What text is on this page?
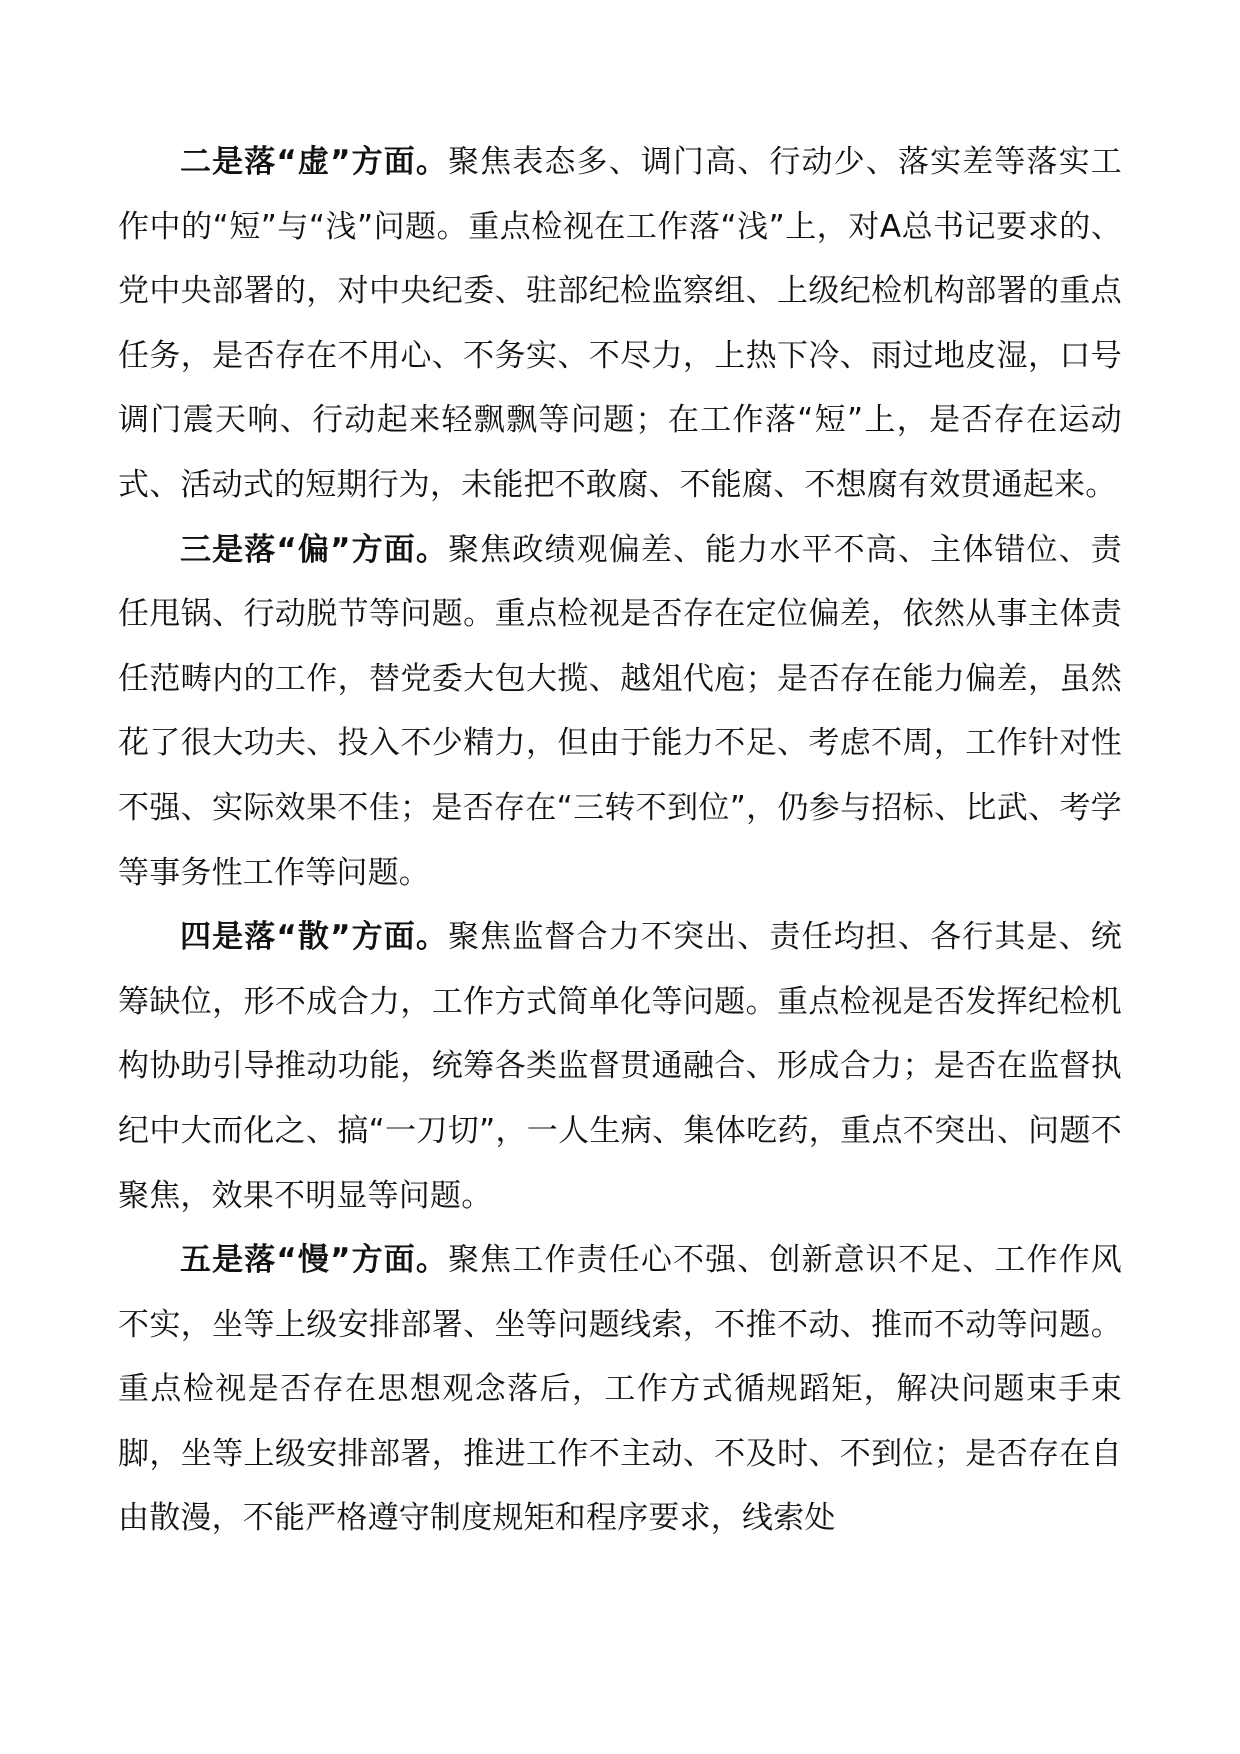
二是落“虚”方面。聚焦表态多、调门高、行动少、落实差等落实工作中的“短”与“浅”问题。重点检视在工作落“浅”上，对A总书记要求的、党中央部署的，对中央纪委、驻部纪检监察组、上级纪检机构部署的重点任务，是否存在不用心、不务实、不尽力，上热下冷、雨过地皮湿，口号调门震天响、行动起来轻飘飘等问题；在工作落“短”上，是否存在运动式、活动式的短期行为，未能把不敢腐、不能腐、不想腐有效贯通起来。

三是落“偏”方面。聚焦政绩观偏差、能力水平不高、主体错位、责任甩锅、行动脱节等问题。重点检视是否存在定位偏差，依然从事主体责任范畴内的工作，替党委大包大揽、越俎代庖；是否存在能力偏差，虽然花了很大功夫、投入不少精力，但由于能力不足、考虑不周，工作针对性不强、实际效果不佳；是否存在“三转不到位”，仍参与招标、比武、考学等事务性工作等问题。

四是落“散”方面。聚焦监督合力不突出、责任均担、各行其是、统筹缺位，形不成合力，工作方式简单化等问题。重点检视是否发挥纪检机构协助引导推动功能，统筹各类监督贯通融合、形成合力；是否在监督执纪中大而化之、搞“一刀切”，一人生病、集体吃药，重点不突出、问题不聚焦，效果不明显等问题。

五是落“慢”方面。聚焦工作责任心不强、创新意识不足、工作作风不实，坐等上级安排部署、坐等问题线索，不推不动、推而不动等问题。重点检视是否存在思想观念落后，工作方式循规蹈矩，解决问题束手束脚，坐等上级安排部署，推进工作不主动、不及时、不到位；是否存在自由散漫，不能严格遵守制度规矩和程序要求，线索处
